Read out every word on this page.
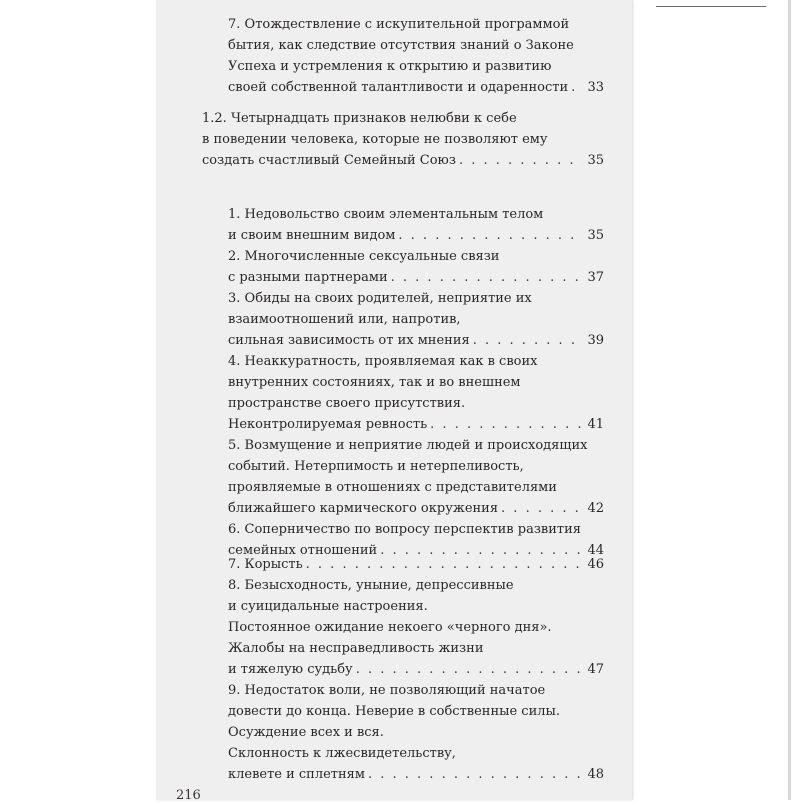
7. Отождествление с искупительной программой
бытия, как следствие отсутствия знаний о Законе
Успеха и устремления к открытию и развитию
своей собственной талантливости и одаренности . . . 33
1.2. Четырнадцать признаков нелюбви к себе
в поведении человека, которые не позволяют ему
создать счастливый Семейный Союз . . .	35
1. Недовольство своим элементальным телом
и своим внешним видом . . .	35
2. Многочисленные сексуальные связи
с разными партнерами . . .	37
3. Обиды на своих родителей, неприятие их
взаимоотношений или, напротив,
сильная зависимость от их мнения . . .	39
4. Неаккуратность, проявляемая как в своих
внутренних состояниях, так и во внешнем
пространстве своего присутствия.
Неконтролируемая ревность . . .	41
5. Возмущение и неприятие людей и происходящих
событий. Нетерпимость и нетерпеливость,
проявляемые в отношениях с представителями
ближайшего кармического окружения . . .	42
6. Соперничество по вопросу перспектив развития
семейных отношений . . .	44
7. Корысть . . .	46
8. Безысходность, уныние, депрессивные
и суицидальные настроения.
Постоянное ожидание некоего «черного дня».
Жалобы на несправедливость жизни
и тяжелую судьбу . . .	47
9. Недостаток воли, не позволяющий начатое
довести до конца. Неверие в собственные силы.
Осуждение всех и вся.
Склонность к лжесвидетельству,
клевете и сплетням . . .	48
216
